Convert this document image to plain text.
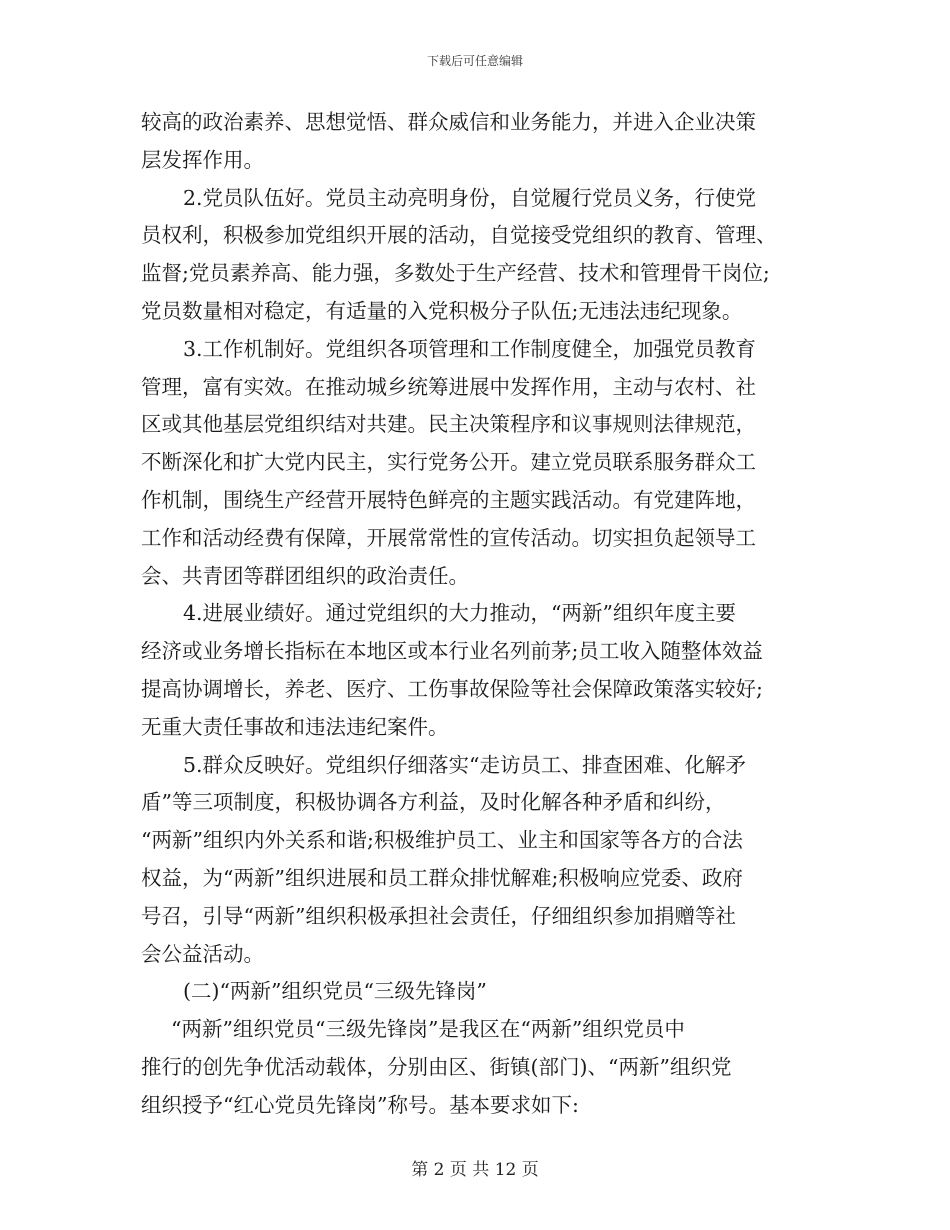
下载后可任意编辑
较高的政治素养、思想觉悟、群众威信和业务能力，并进入企业决策
层发挥作用。
2.党员队伍好。党员主动亮明身份，自觉履行党员义务，行使党
员权利，积极参加党组织开展的活动，自觉接受党组织的教育、管理、
监督;党员素养高、能力强，多数处于生产经营、技术和管理骨干岗位;
党员数量相对稳定，有适量的入党积极分子队伍;无违法违纪现象。
3.工作机制好。党组织各项管理和工作制度健全，加强党员教育
管理，富有实效。在推动城乡统筹进展中发挥作用，主动与农村、社
区或其他基层党组织结对共建。民主决策程序和议事规则法律规范，
不断深化和扩大党内民主，实行党务公开。建立党员联系服务群众工
作机制，围绕生产经营开展特色鲜亮的主题实践活动。有党建阵地，
工作和活动经费有保障，开展常常性的宣传活动。切实担负起领导工
会、共青团等群团组织的政治责任。
4.进展业绩好。通过党组织的大力推动，“两新”组织年度主要
经济或业务增长指标在本地区或本行业名列前茅;员工收入随整体效益
提高协调增长，养老、医疗、工伤事故保险等社会保障政策落实较好;
无重大责任事故和违法违纪案件。
5.群众反映好。党组织仔细落实“走访员工、排查困难、化解矛
盾”等三项制度，积极协调各方利益，及时化解各种矛盾和纠纷，
“两新”组织内外关系和谐;积极维护员工、业主和国家等各方的合法
权益，为“两新”组织进展和员工群众排忧解难;积极响应党委、政府
号召，引导“两新”组织积极承担社会责任，仔细组织参加捐赠等社
会公益活动。
(二)“两新”组织党员“三级先锋岗”
“两新”组织党员“三级先锋岗”是我区在“两新”组织党员中
推行的创先争优活动载体，分别由区、街镇(部门)、“两新”组织党
组织授予“红心党员先锋岗”称号。基本要求如下:
第 2 页 共 12 页
